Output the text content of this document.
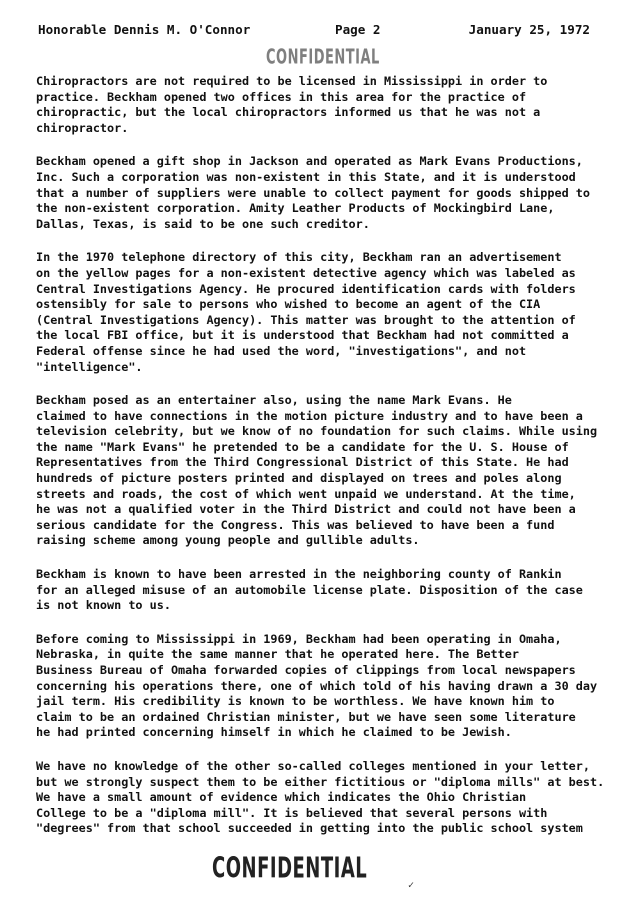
Honorable Dennis M. O'Connor	Page 2	January 25, 1972
CONFIDENTIAL

Chiropractors are not required to be licensed in Mississippi in order to
practice. Beckham opened two offices in this area for the practice of
chiropractic, but the local chiropractors informed us that he was not a
chiropractor.

Beckham opened a gift shop in Jackson and operated as Mark Evans Productions,
Inc. Such a corporation was non-existent in this State, and it is understood
that a number of suppliers were unable to collect payment for goods shipped to
the non-existent corporation. Amity Leather Products of Mockingbird Lane,
Dallas, Texas, is said to be one such creditor.

In the 1970 telephone directory of this city, Beckham ran an advertisement
on the yellow pages for a non-existent detective agency which was labeled as
Central Investigations Agency. He procured identification cards with folders
ostensibly for sale to persons who wished to become an agent of the CIA
(Central Investigations Agency). This matter was brought to the attention of
the local FBI office, but it is understood that Beckham had not committed a
Federal offense since he had used the word, "investigations", and not
"intelligence".

Beckham posed as an entertainer also, using the name Mark Evans. He
claimed to have connections in the motion picture industry and to have been a
television celebrity, but we know of no foundation for such claims. While using
the name "Mark Evans" he pretended to be a candidate for the U. S. House of
Representatives from the Third Congressional District of this State. He had
hundreds of picture posters printed and displayed on trees and poles along
streets and roads, the cost of which went unpaid we understand. At the time,
he was not a qualified voter in the Third District and could not have been a
serious candidate for the Congress. This was believed to have been a fund
raising scheme among young people and gullible adults.

Beckham is known to have been arrested in the neighboring county of Rankin
for an alleged misuse of an automobile license plate. Disposition of the case
is not known to us.

Before coming to Mississippi in 1969, Beckham had been operating in Omaha,
Nebraska, in quite the same manner that he operated here. The Better
Business Bureau of Omaha forwarded copies of clippings from local newspapers
concerning his operations there, one of which told of his having drawn a 30 day
jail term. His credibility is known to be worthless. We have known him to
claim to be an ordained Christian minister, but we have seen some literature
he had printed concerning himself in which he claimed to be Jewish.

We have no knowledge of the other so-called colleges mentioned in your letter,
but we strongly suspect them to be either fictitious or "diploma mills" at best.
We have a small amount of evidence which indicates the Ohio Christian
College to be a "diploma mill". It is believed that several persons with
"degrees" from that school succeeded in getting into the public school system

CONFIDENTIAL	✓
